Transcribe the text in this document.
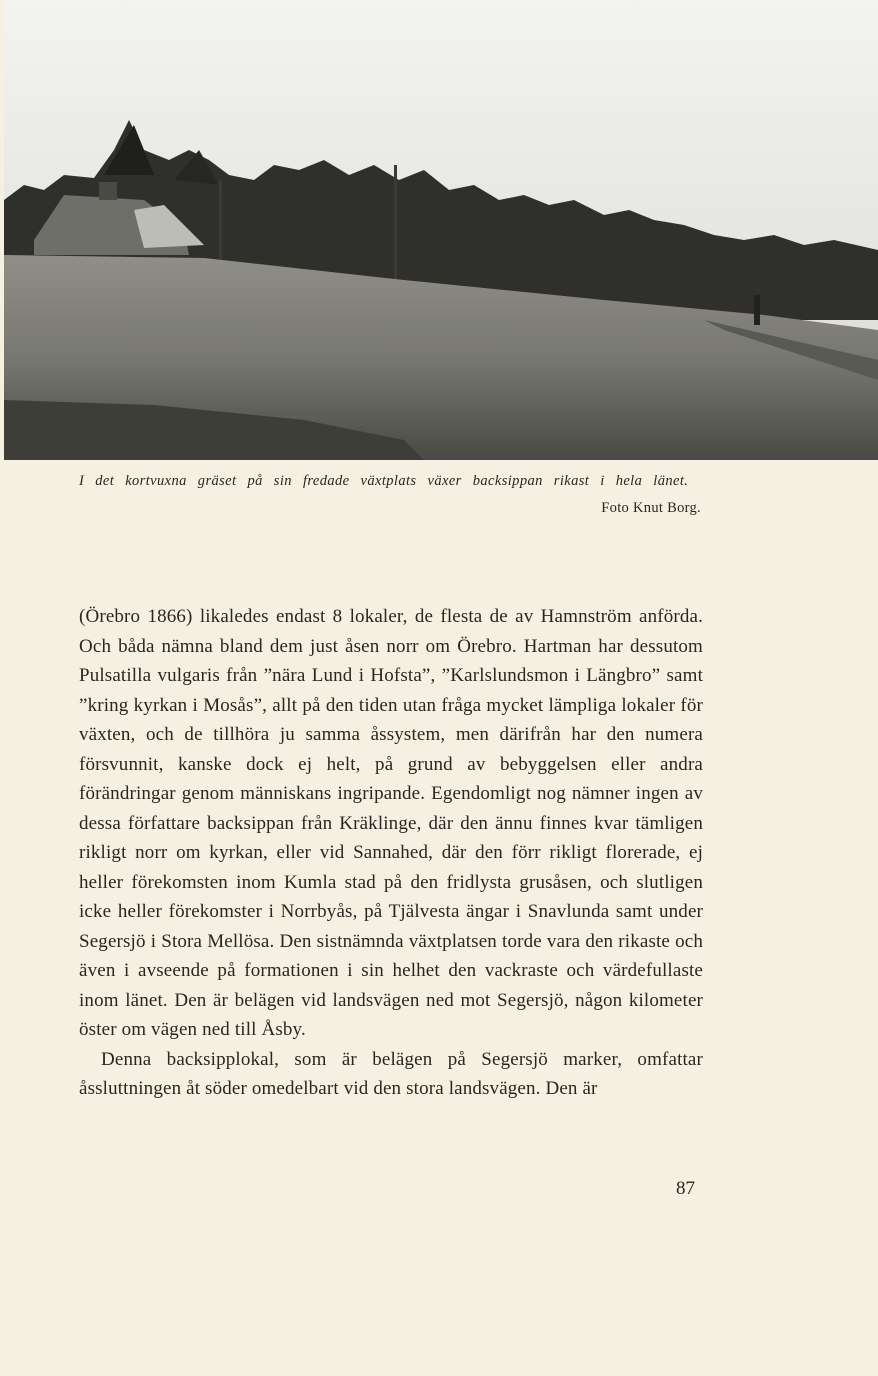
I det kortvuxna gräset på sin fredade växtplats växer backsippan rikast i hela länet.
Foto Knut Borg.

(Örebro 1866) likaledes endast 8 lokaler, de flesta de av Hamnström anförda. Och båda nämna bland dem just åsen norr om Örebro. Hartman har dessutom Pulsatilla vulgaris från ”nära Lund i Hofsta”, ”Karlslundsmon i Längbro” samt ”kring kyrkan i Mosås”, allt på den tiden utan fråga mycket lämpliga lokaler för växten, och de tillhöra ju samma åssystem, men därifrån har den numera försvunnit, kanske dock ej helt, på grund av bebyggelsen eller andra förändringar genom människans ingripande. Egendomligt nog nämner ingen av dessa författare backsippan från Kräklinge, där den ännu finnes kvar tämligen rikligt norr om kyrkan, eller vid Sannahed, där den förr rikligt florerade, ej heller förekomsten inom Kumla stad på den fridlysta grusåsen, och slutligen icke heller förekomster i Norrbyås, på Tjälvesta ängar i Snavlunda samt under Segersjö i Stora Mellösa. Den sistnämnda växtplatsen torde vara den rikaste och även i avseende på formationen i sin helhet den vackraste och värdefullaste inom länet. Den är belägen vid landsvägen ned mot Segersjö, någon kilometer öster om vägen ned till Åsby.

Denna backsipplokal, som är belägen på Segersjö marker, omfattar åssluttningen åt söder omedelbart vid den stora landsvägen. Den är

87
